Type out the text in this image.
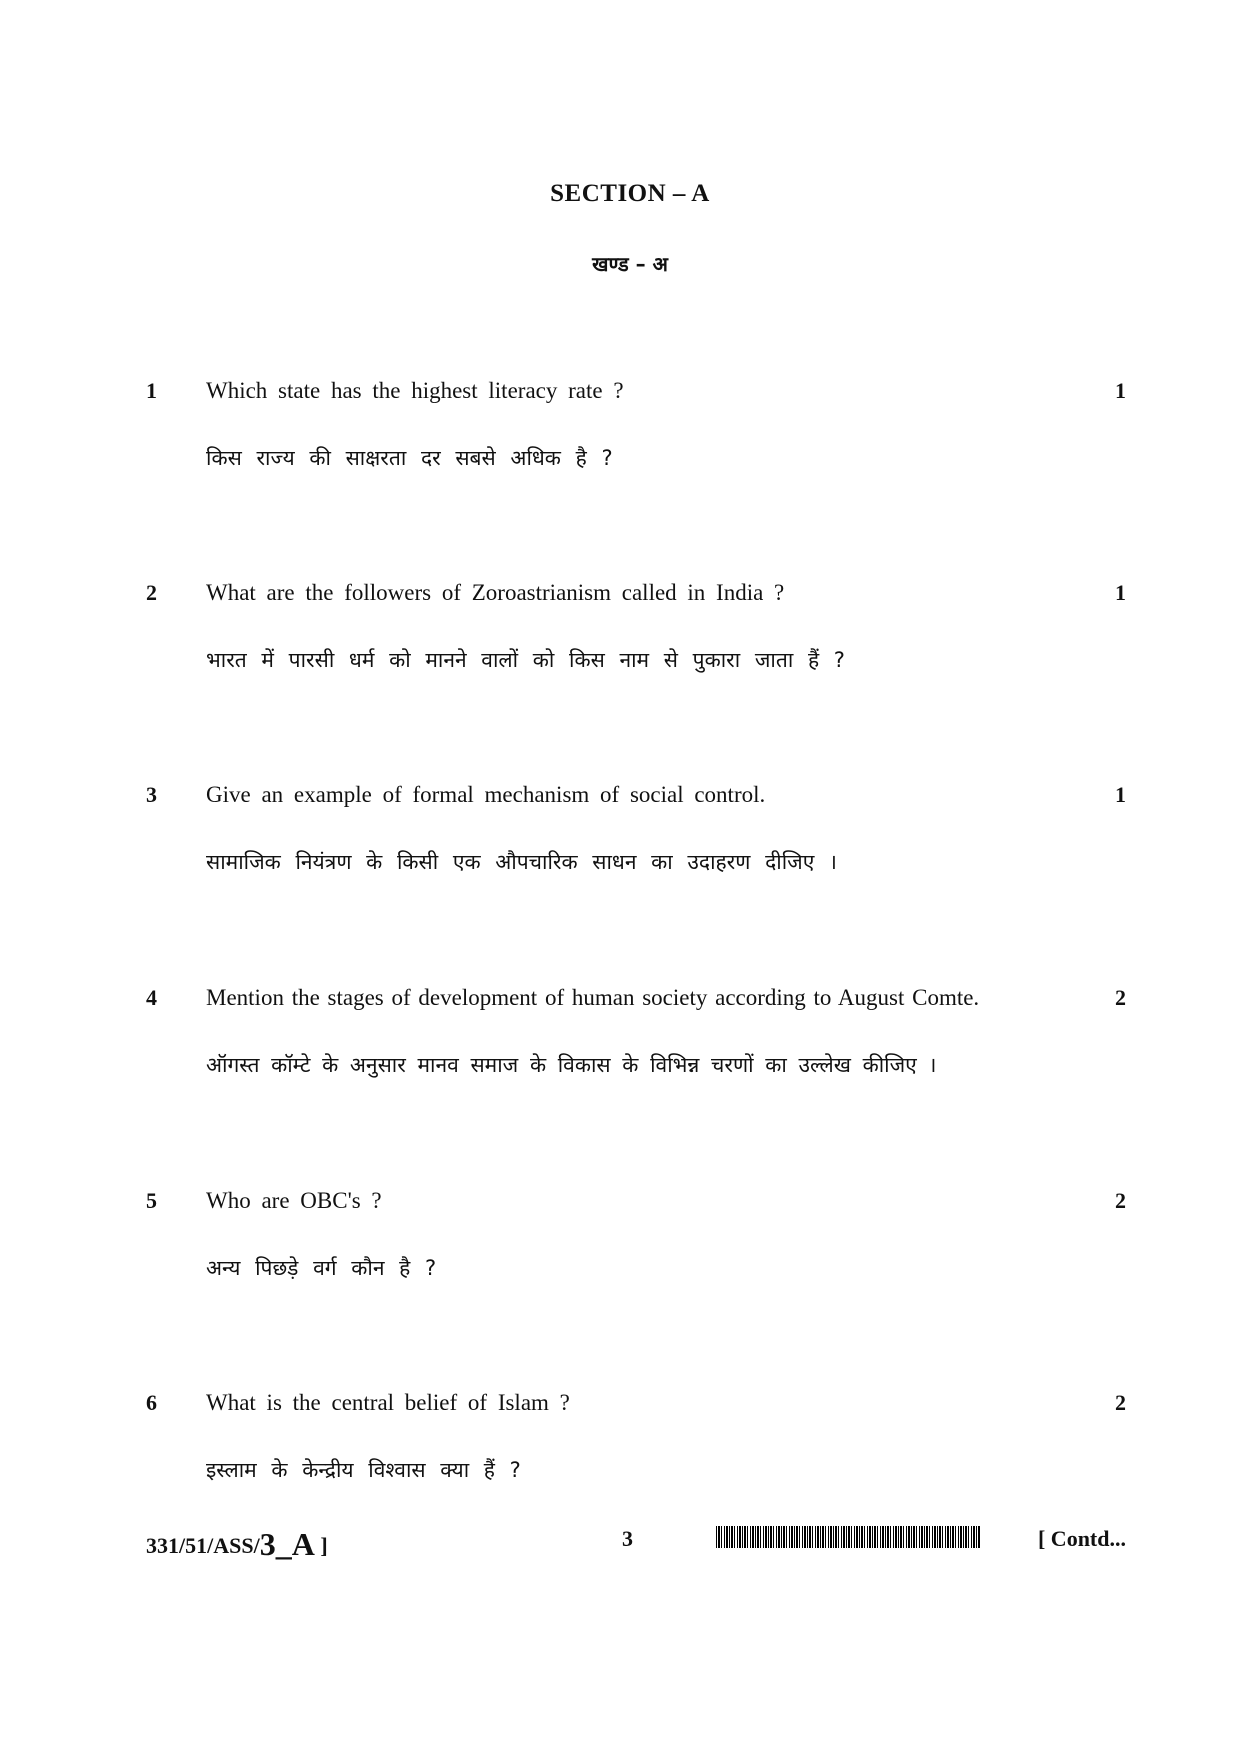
SECTION – A
खण्ड – अ
1 Which state has the highest literacy rate ?
किस राज्य की साक्षरता दर सबसे अधिक है ?
1
2 What are the followers of Zoroastrianism called in India ?
भारत में पारसी धर्म को मानने वालों को किस नाम से पुकारा जाता हैं ?
1
3 Give an example of formal mechanism of social control.
सामाजिक नियंत्रण के किसी एक औपचारिक साधन का उदाहरण दीजिए ।
1
4 Mention the stages of development of human society according to August Comte.
ऑगस्त कॉम्टे के अनुसार मानव समाज के विकास के विभिन्न चरणों का उल्लेख कीजिए ।
2
5 Who are OBC's ?
अन्य पिछड़े वर्ग कौन है ?
2
6 What is the central belief of Islam ?
इस्लाम के केन्द्रीय विश्वास क्या हैं ?
2
331/51/ASS/3_A ]	3	[ Contd...
